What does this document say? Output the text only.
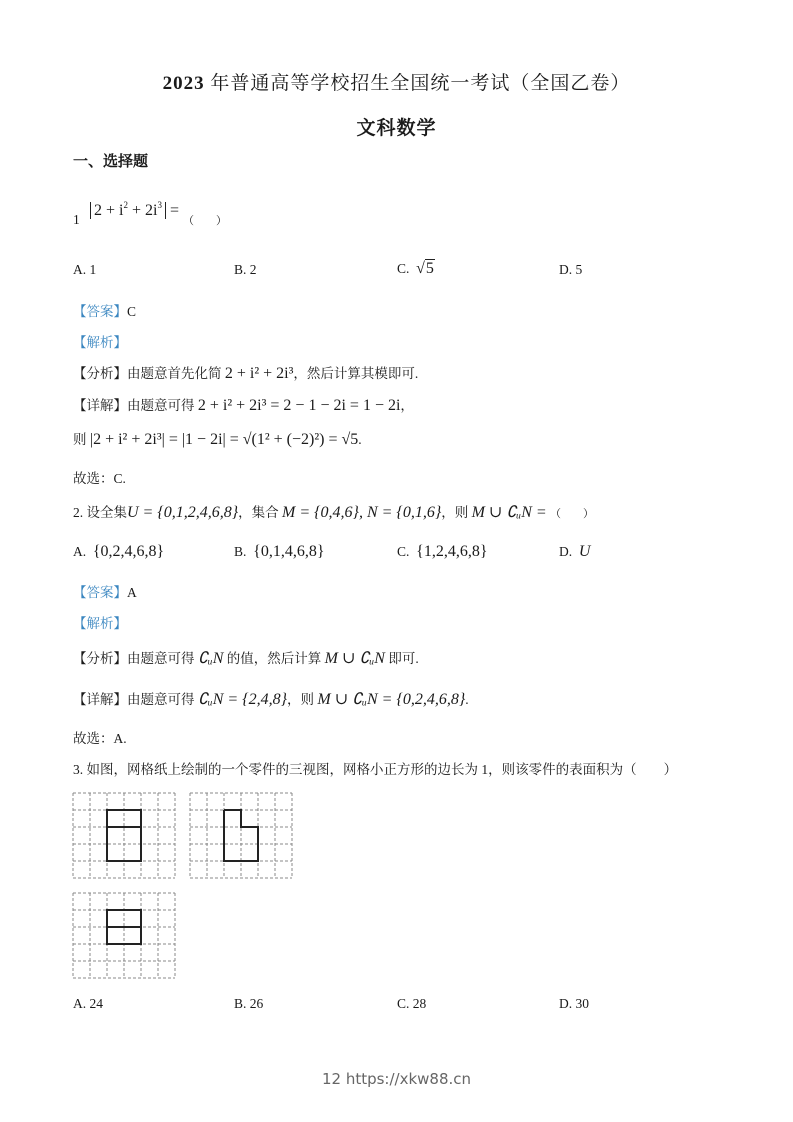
2023 年普通高等学校招生全国统一考试（全国乙卷）
文科数学
一、选择题
1
$2 + i^2 + 2i^3$ =
（　　）
A. 1	B. 2	C. √5	D. 5
【答案】C
【解析】
【分析】由题意首先化简 2 + i² + 2i³，然后计算其模即可.
【详解】由题意可得 2 + i² + 2i³ = 2 − 1 − 2i = 1 − 2i，
则 |2 + i² + 2i³| = |1 − 2i| = √(1² + (−2)²) = √5.
故选：C.
2. 设全集U = {0,1,2,4,6,8}，集合 M = {0,4,6}, N = {0,1,6}，则 M ∪ ∁ᵤN = （　　）
A. {0,2,4,6,8}	B. {0,1,4,6,8}	C. {1,2,4,6,8}	D. U
【答案】A
【解析】
【分析】由题意可得 ∁ᵤN 的值，然后计算 M ∪ ∁ᵤN 即可.
【详解】由题意可得 ∁ᵤN = {2,4,8}，则 M ∪ ∁ᵤN = {0,2,4,6,8}.
故选：A.
3. 如图，网格纸上绘制的一个零件的三视图，网格小正方形的边长为 1，则该零件的表面积为（　　）
A. 24	B. 26	C. 28	D. 30
12 https://xkw88.cn
